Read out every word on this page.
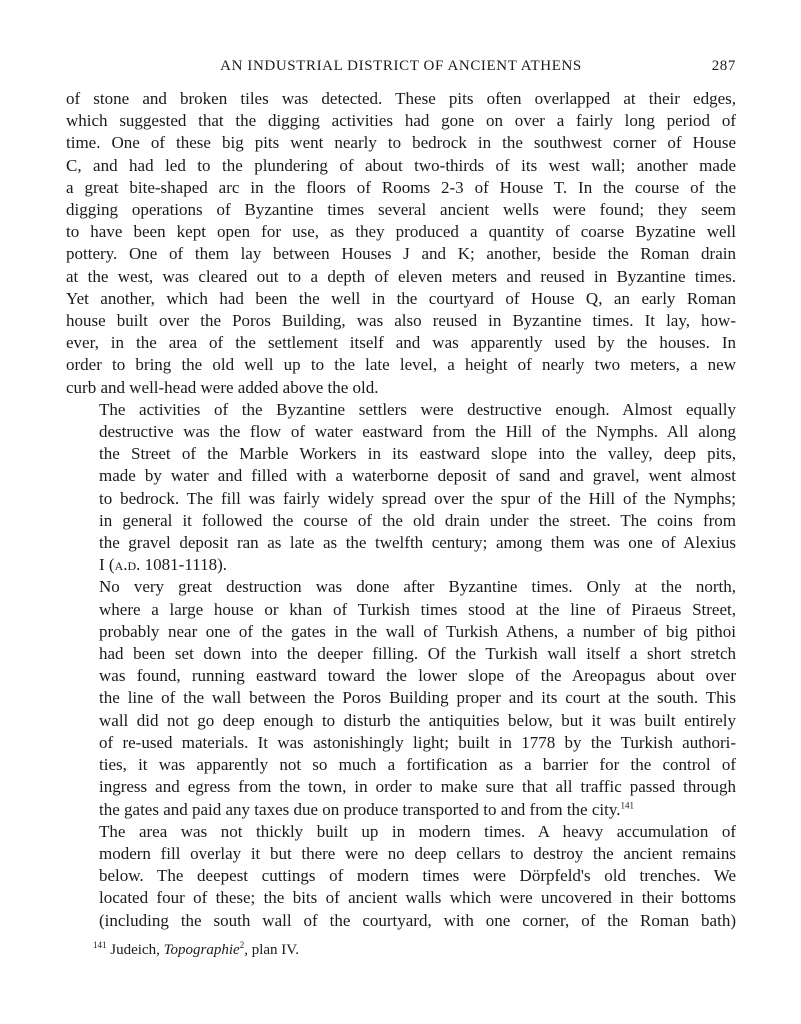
AN INDUSTRIAL DISTRICT OF ANCIENT ATHENS	287

of stone and broken tiles was detected. These pits often overlapped at their edges,
which suggested that the digging activities had gone on over a fairly long period of
time. One of these big pits went nearly to bedrock in the southwest corner of House
C, and had led to the plundering of about two-thirds of its west wall; another made
a great bite-shaped arc in the floors of Rooms 2-3 of House T. In the course of the
digging operations of Byzantine times several ancient wells were found; they seem
to have been kept open for use, as they produced a quantity of coarse Byzatine well
pottery. One of them lay between Houses J and K; another, beside the Roman drain
at the west, was cleared out to a depth of eleven meters and reused in Byzantine times.
Yet another, which had been the well in the courtyard of House Q, an early Roman
house built over the Poros Building, was also reused in Byzantine times. It lay, how-
ever, in the area of the settlement itself and was apparently used by the houses. In
order to bring the old well up to the late level, a height of nearly two meters, a new
curb and well-head were added above the old.

The activities of the Byzantine settlers were destructive enough. Almost equally
destructive was the flow of water eastward from the Hill of the Nymphs. All along
the Street of the Marble Workers in its eastward slope into the valley, deep pits,
made by water and filled with a waterborne deposit of sand and gravel, went almost
to bedrock. The fill was fairly widely spread over the spur of the Hill of the Nymphs;
in general it followed the course of the old drain under the street. The coins from
the gravel deposit ran as late as the twelfth century; among them was one of Alexius
I (a.d. 1081-1118).

No very great destruction was done after Byzantine times. Only at the north,
where a large house or khan of Turkish times stood at the line of Piraeus Street,
probably near one of the gates in the wall of Turkish Athens, a number of big pithoi
had been set down into the deeper filling. Of the Turkish wall itself a short stretch
was found, running eastward toward the lower slope of the Areopagus about over
the line of the wall between the Poros Building proper and its court at the south. This
wall did not go deep enough to disturb the antiquities below, but it was built entirely
of re-used materials. It was astonishingly light; built in 1778 by the Turkish authori-
ties, it was apparently not so much a fortification as a barrier for the control of
ingress and egress from the town, in order to make sure that all traffic passed through
the gates and paid any taxes due on produce transported to and from the city.$^{141}$

The area was not thickly built up in modern times. A heavy accumulation of
modern fill overlay it but there were no deep cellars to destroy the ancient remains
below. The deepest cuttings of modern times were Dörpfeld's old trenches. We
located four of these; the bits of ancient walls which were uncovered in their bottoms
(including the south wall of the courtyard, with one corner, of the Roman bath)

$^{141}$ Judeich, Topographie$^2$, plan IV.
